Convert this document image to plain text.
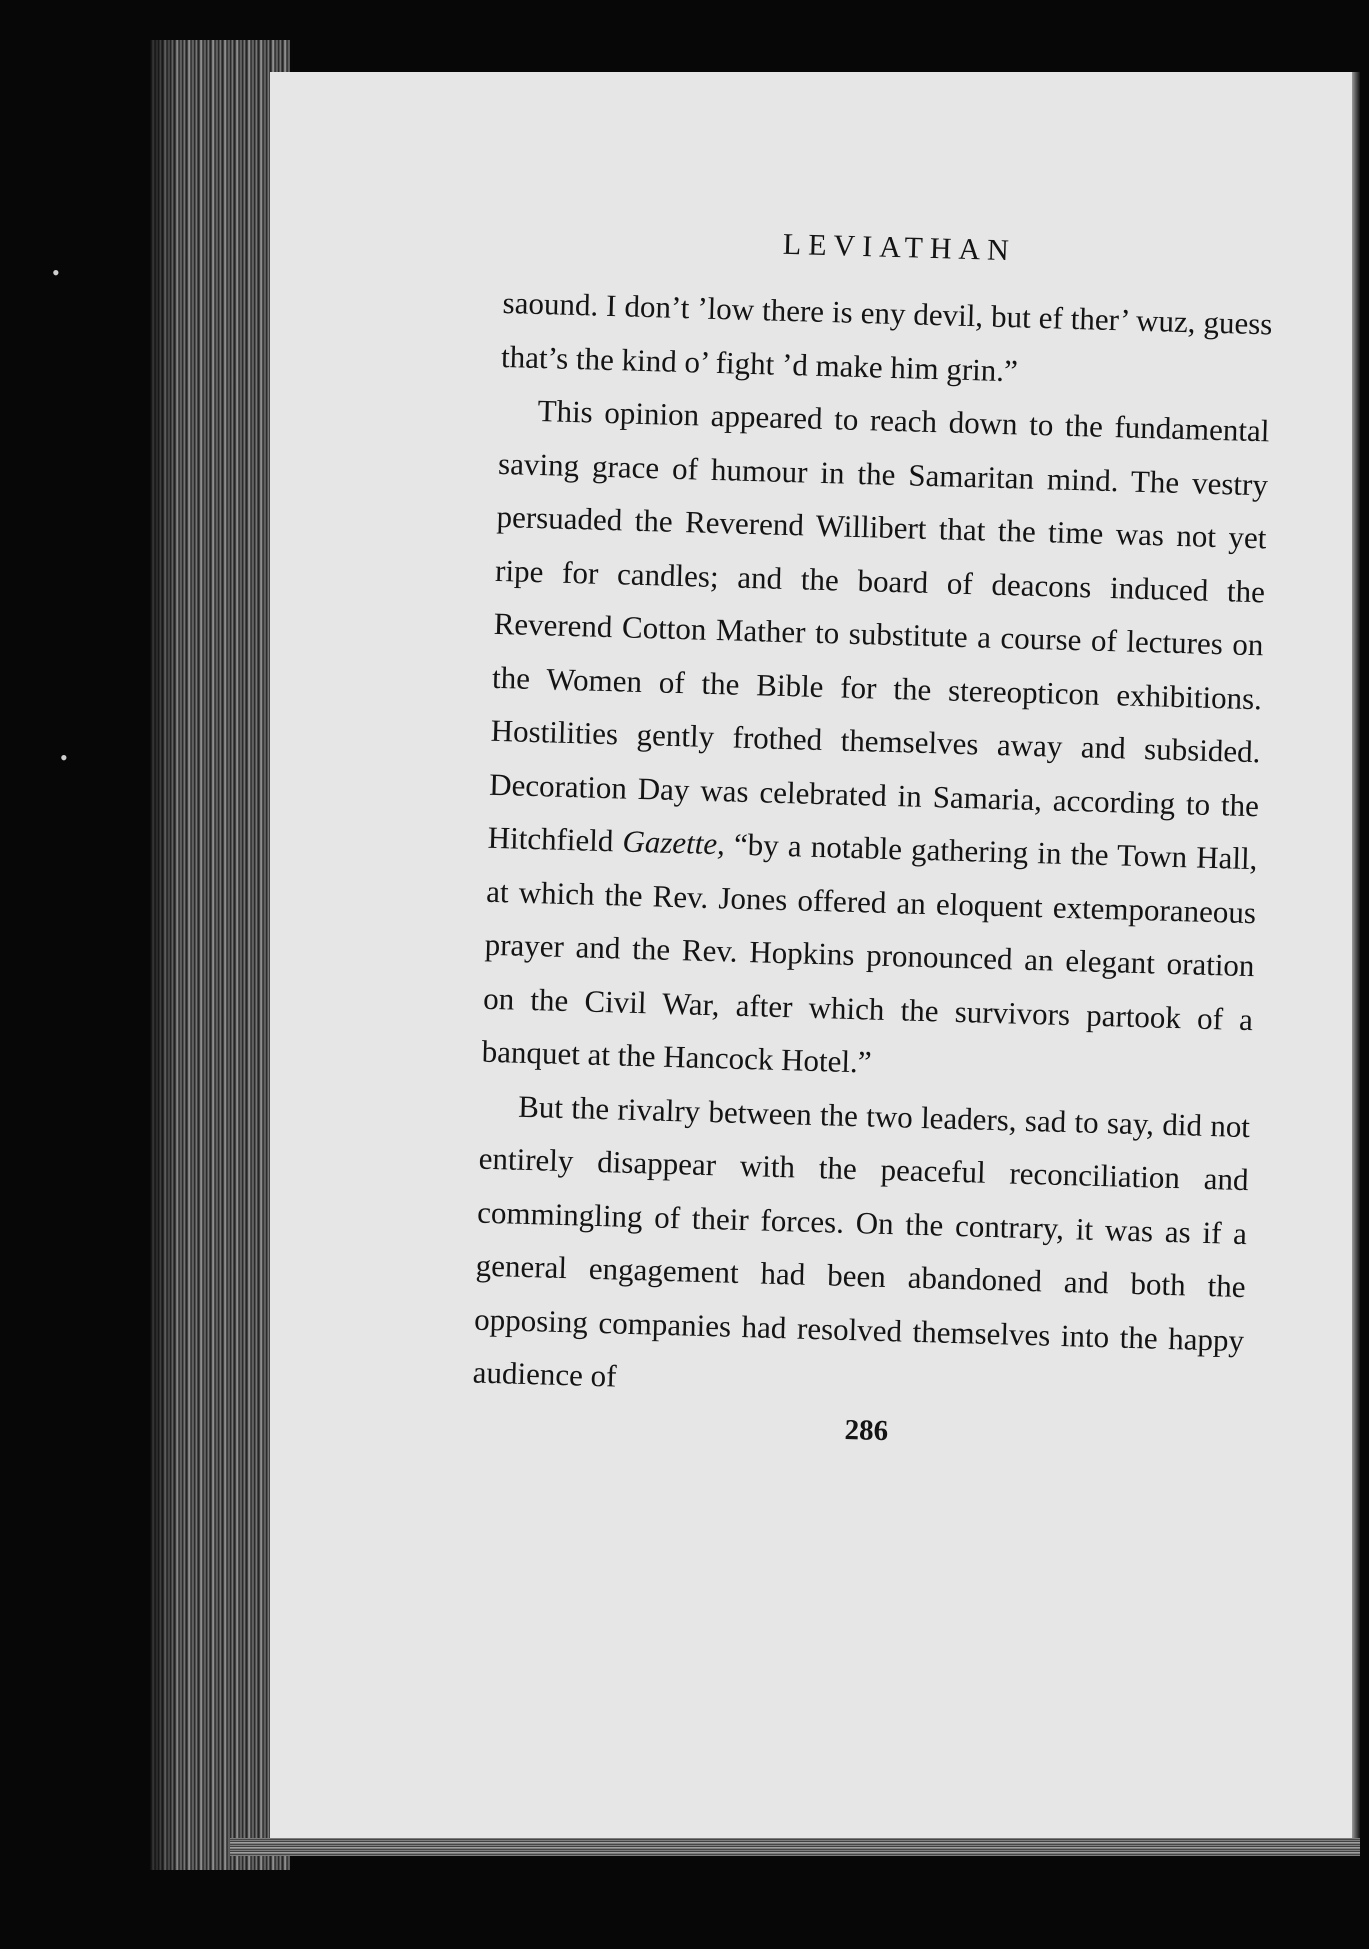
LEVIATHAN

saound. I don’t ’low there is eny devil, but ef ther’ wuz, guess that’s the kind o’ fight ’d make him grin.”

This opinion appeared to reach down to the fundamental saving grace of humour in the Samaritan mind. The vestry persuaded the Reverend Willibert that the time was not yet ripe for candles; and the board of deacons induced the Reverend Cotton Mather to substitute a course of lectures on the Women of the Bible for the stereopticon exhibitions. Hostilities gently frothed themselves away and subsided. Decoration Day was celebrated in Samaria, according to the Hitchfield Gazette, “by a notable gathering in the Town Hall, at which the Rev. Jones offered an eloquent extemporaneous prayer and the Rev. Hopkins pronounced an elegant oration on the Civil War, after which the survivors partook of a banquet at the Hancock Hotel.”

But the rivalry between the two leaders, sad to say, did not entirely disappear with the peaceful reconciliation and commingling of their forces. On the contrary, it was as if a general engagement had been abandoned and both the opposing companies had resolved themselves into the happy audience of

286
•
•
